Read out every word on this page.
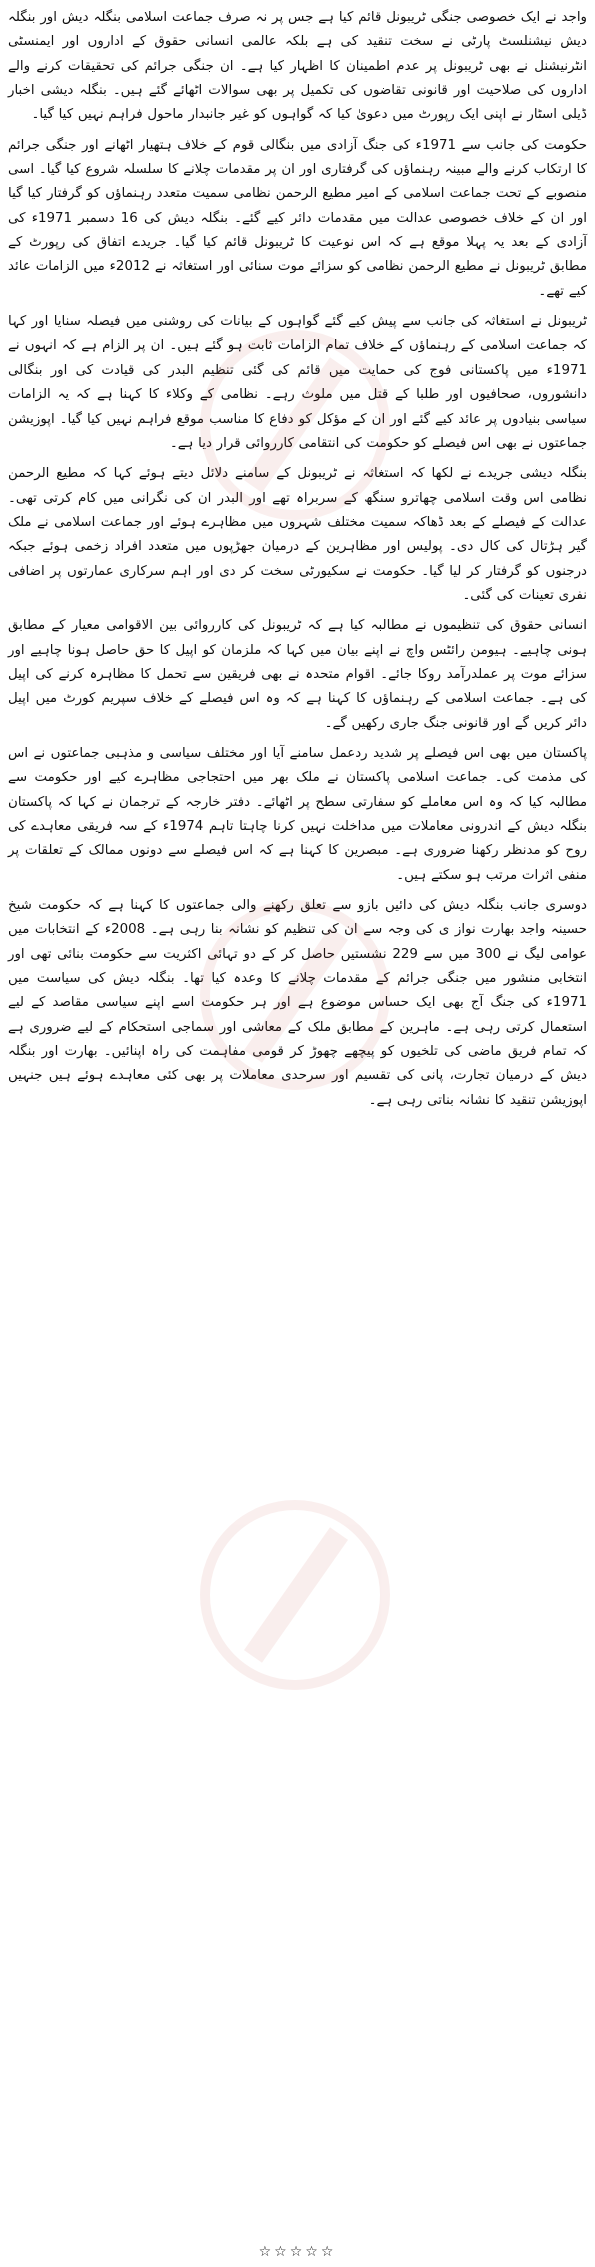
واجد نے ایک خصوصی جنگی ٹریبونل قائم کیا ہے جس پر نہ صرف جماعت اسلامی بنگلہ دیش اور بنگلہ دیش نیشنلسٹ پارٹی نے سخت تنقید کی ہے بلکہ عالمی انسانی حقوق کے اداروں اور ایمنسٹی انٹرنیشنل نے بھی ٹریبونل پر عدم اطمینان کا اظہار کیا ہے۔ ان جنگی جرائم کی تحقیقات کرنے والے اداروں کی صلاحیت اور قانونی تقاضوں کی تکمیل پر بھی سوالات اٹھائے گئے ہیں۔ بنگلہ دیشی اخبار ڈیلی اسٹار نے اپنی ایک رپورٹ میں دعویٰ کیا کہ گواہوں کو غیر جانبدار ماحول فراہم نہیں کیا گیا۔

حکومت کی جانب سے 1971ء کی جنگ آزادی میں بنگالی قوم کے خلاف ہتھیار اٹھانے اور جنگی جرائم کا ارتکاب کرنے والے مبینہ رہنماؤں کی گرفتاری اور ان پر مقدمات چلانے کا سلسلہ شروع کیا گیا۔ اسی منصوبے کے تحت جماعت اسلامی کے امیر مطیع الرحمن نظامی سمیت متعدد رہنماؤں کو گرفتار کیا گیا اور ان کے خلاف خصوصی عدالت میں مقدمات دائر کیے گئے۔ بنگلہ دیش کی 16 دسمبر 1971ء کی آزادی کے بعد یہ پہلا موقع ہے کہ اس نوعیت کا ٹریبونل قائم کیا گیا۔ جریدے اتفاق کی رپورٹ کے مطابق ٹریبونل نے مطیع الرحمن نظامی کو سزائے موت سنائی اور استغاثہ نے 2012ء میں الزامات عائد کیے تھے۔

ٹریبونل نے استغاثہ کی جانب سے پیش کیے گئے گواہوں کے بیانات کی روشنی میں فیصلہ سنایا اور کہا کہ جماعت اسلامی کے رہنماؤں کے خلاف تمام الزامات ثابت ہو گئے ہیں۔ ان پر الزام ہے کہ انہوں نے 1971ء میں پاکستانی فوج کی حمایت میں قائم کی گئی تنظیم البدر کی قیادت کی اور بنگالی دانشوروں، صحافیوں اور طلبا کے قتل میں ملوث رہے۔ نظامی کے وکلاء کا کہنا ہے کہ یہ الزامات سیاسی بنیادوں پر عائد کیے گئے اور ان کے مؤکل کو دفاع کا مناسب موقع فراہم نہیں کیا گیا۔ اپوزیشن جماعتوں نے بھی اس فیصلے کو حکومت کی انتقامی کارروائی قرار دیا ہے۔

بنگلہ دیشی جریدے نے لکھا کہ استغاثہ نے ٹریبونل کے سامنے دلائل دیتے ہوئے کہا کہ مطیع الرحمن نظامی اس وقت اسلامی چھاترو سنگھ کے سربراہ تھے اور البدر ان کی نگرانی میں کام کرتی تھی۔ عدالت کے فیصلے کے بعد ڈھاکہ سمیت مختلف شہروں میں مظاہرے ہوئے اور جماعت اسلامی نے ملک گیر ہڑتال کی کال دی۔ پولیس اور مظاہرین کے درمیان جھڑپوں میں متعدد افراد زخمی ہوئے جبکہ درجنوں کو گرفتار کر لیا گیا۔ حکومت نے سکیورٹی سخت کر دی اور اہم سرکاری عمارتوں پر اضافی نفری تعینات کی گئی۔

انسانی حقوق کی تنظیموں نے مطالبہ کیا ہے کہ ٹریبونل کی کارروائی بین الاقوامی معیار کے مطابق ہونی چاہیے۔ ہیومن رائٹس واچ نے اپنے بیان میں کہا کہ ملزمان کو اپیل کا حق حاصل ہونا چاہیے اور سزائے موت پر عملدرآمد روکا جائے۔ اقوام متحدہ نے بھی فریقین سے تحمل کا مظاہرہ کرنے کی اپیل کی ہے۔ جماعت اسلامی کے رہنماؤں کا کہنا ہے کہ وہ اس فیصلے کے خلاف سپریم کورٹ میں اپیل دائر کریں گے اور قانونی جنگ جاری رکھیں گے۔

پاکستان میں بھی اس فیصلے پر شدید ردعمل سامنے آیا اور مختلف سیاسی و مذہبی جماعتوں نے اس کی مذمت کی۔ جماعت اسلامی پاکستان نے ملک بھر میں احتجاجی مظاہرے کیے اور حکومت سے مطالبہ کیا کہ وہ اس معاملے کو سفارتی سطح پر اٹھائے۔ دفتر خارجہ کے ترجمان نے کہا کہ پاکستان بنگلہ دیش کے اندرونی معاملات میں مداخلت نہیں کرنا چاہتا تاہم 1974ء کے سہ فریقی معاہدے کی روح کو مدنظر رکھنا ضروری ہے۔ مبصرین کا کہنا ہے کہ اس فیصلے سے دونوں ممالک کے تعلقات پر منفی اثرات مرتب ہو سکتے ہیں۔

دوسری جانب بنگلہ دیش کی دائیں بازو سے تعلق رکھنے والی جماعتوں کا کہنا ہے کہ حکومت شیخ حسینہ واجد بھارت نواز ی کی وجہ سے ان کی تنظیم کو نشانہ بنا رہی ہے۔ 2008ء کے انتخابات میں عوامی لیگ نے 300 میں سے 229 نشستیں حاصل کر کے دو تہائی اکثریت سے حکومت بنائی تھی اور انتخابی منشور میں جنگی جرائم کے مقدمات چلانے کا وعدہ کیا تھا۔ بنگلہ دیش کی سیاست میں 1971ء کی جنگ آج بھی ایک حساس موضوع ہے اور ہر حکومت اسے اپنے سیاسی مقاصد کے لیے استعمال کرتی رہی ہے۔ ماہرین کے مطابق ملک کے معاشی اور سماجی استحکام کے لیے ضروری ہے کہ تمام فریق ماضی کی تلخیوں کو پیچھے چھوڑ کر قومی مفاہمت کی راہ اپنائیں۔ بھارت اور بنگلہ دیش کے درمیان تجارت، پانی کی تقسیم اور سرحدی معاملات پر بھی کئی معاہدے ہوئے ہیں جنہیں اپوزیشن تنقید کا نشانہ بناتی رہی ہے۔

☆☆☆☆☆
